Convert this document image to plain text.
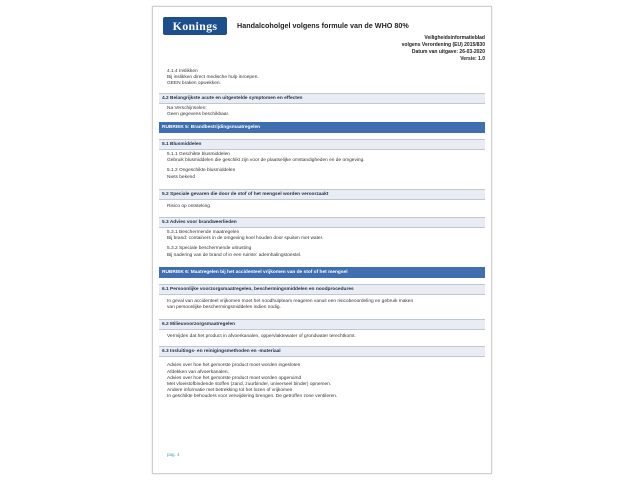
Konings	Handalcoholgel volgens formule van de WHO 80%
Veiligheidsinformatieblad
volgens Verordening (EU) 2015/830
Datum van uitgave: 26-03-2020
Versie: 1.0

4.1.4 Inslikken

Bij inslikken direct medische hulp inroepen.

GEEN braken opwekken.

4.2 Belangrijkste acute en uitgestelde symptomen en effecten

Na Verschijnselen:

Geen gegevens beschikbaar.

RUBRIEK 5: Brandbestrijdingsmaatregelen
5.1 Blusmiddelen

5.1.1 Geschikte blusmiddelen

Gebruik blusmiddelen die geschikt zijn voor de plaatselijke omstandigheden en de omgeving.

5.1.2 Ongeschikte blusmiddelen

Niets bekend

5.2 Speciale gevaren die door de stof of het mengsel worden veroorzaakt

Risico op ontsteking

5.3 Advies voor brandweerlieden

5.3.1 Beschermende maatregelen

Bij brand: containers in de omgeving koel houden door spuiten met water.

5.3.2 Speciale beschermende uitrusting

Bij nadering van de brand of in een ruimte: ademhalingstoestel.

RUBRIEK 6: Maatregelen bij het accidenteel vrijkomen van de stof of het mengsel
6.1 Persoonlijke voorzorgsmaatregelen, beschermingsmiddelen en noodprocedures

In geval van accidenteel vrijkomen moet het noodhulpteam reageren vanuit een risicobeoordeling en gebruik maken

van persoonlijke beschermingsmiddelen indien nodig.

6.2 Milieuvoorzorgsmaatregelen

Vermijden dat het product in afvoerkanalen, oppervlaktewater of grondwater terechtkomt.

6.3 Insluitings- en reinigingsmethoden en -materiaal

Advies over hoe het gemorste product moet worden ingesloten

Afdekken van afvoerkanalen.

Advies over hoe het gemorste product moet worden opgeruimd

Met vloeistofbindende stoffen (zand, zuurbinder, universeel binder) opnemen.

Andere informatie met betrekking tot het lozen of vrijkomen

In geschikte behouders voor verwijdering brengen. De getroffen zone ventileren.

pag. 4
